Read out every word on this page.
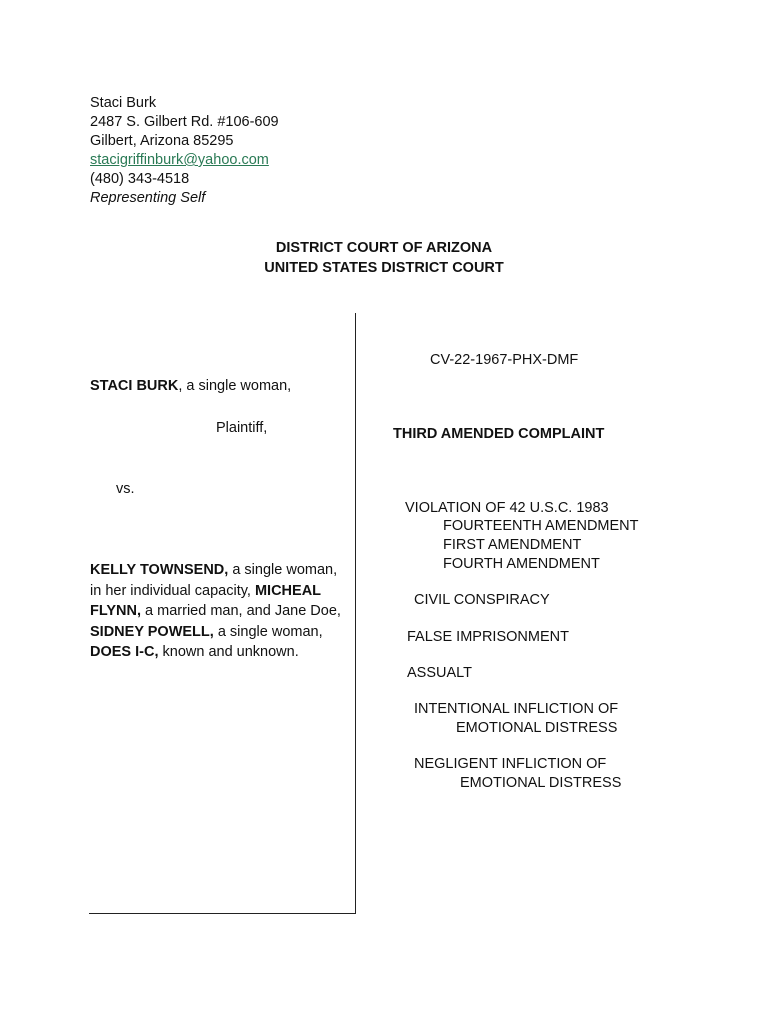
Staci Burk
2487 S. Gilbert Rd. #106-609
Gilbert, Arizona 85295
stacigriffinburk@yahoo.com
(480) 343-4518
Representing Self
DISTRICT COURT OF ARIZONA
UNITED STATES DISTRICT COURT
STACI BURK, a single woman,
Plaintiff,
vs.
KELLY TOWNSEND, a single woman,
in her individual capacity, MICHEAL
FLYNN, a married man, and Jane Doe,
SIDNEY POWELL, a single woman,
DOES I-C, known and unknown.
CV-22-1967-PHX-DMF
THIRD AMENDED COMPLAINT
VIOLATION OF 42 U.S.C. 1983
FOURTEENTH AMENDMENT
FIRST AMENDMENT
FOURTH AMENDMENT
CIVIL CONSPIRACY
FALSE IMPRISONMENT
ASSUALT
INTENTIONAL INFLICTION OF
EMOTIONAL DISTRESS
NEGLIGENT INFLICTION OF
EMOTIONAL DISTRESS
